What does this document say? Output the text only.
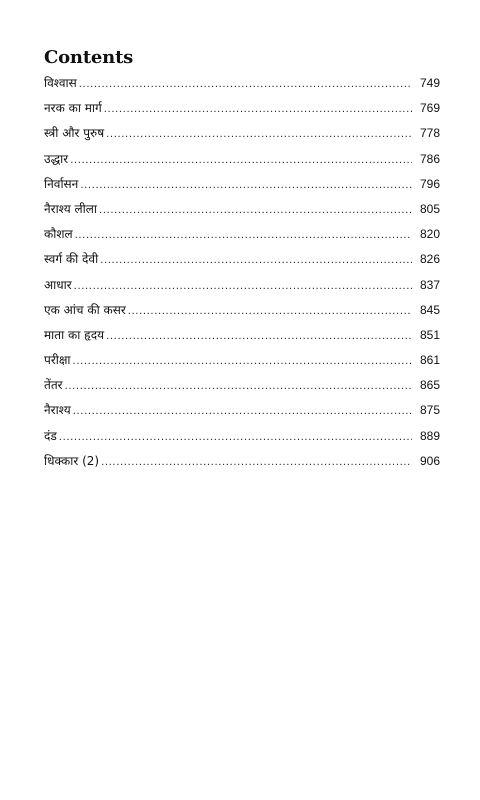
Contents
विश्वास .....	749
नरक का मार्ग .....	769
स्त्री और पुरुष .....	778
उद्धार .....	786
निर्वासन .....	796
नैराश्य लीला .....	805
कौशल .....	820
स्वर्ग की देवी .....	826
आधार .....	837
एक आंच की कसर .....	845
माता का हृदय .....	851
परीक्षा .....	861
तेंतर .....	865
नैराश्य .....	875
दंड .....	889
धिक्कार (2) .....	906
